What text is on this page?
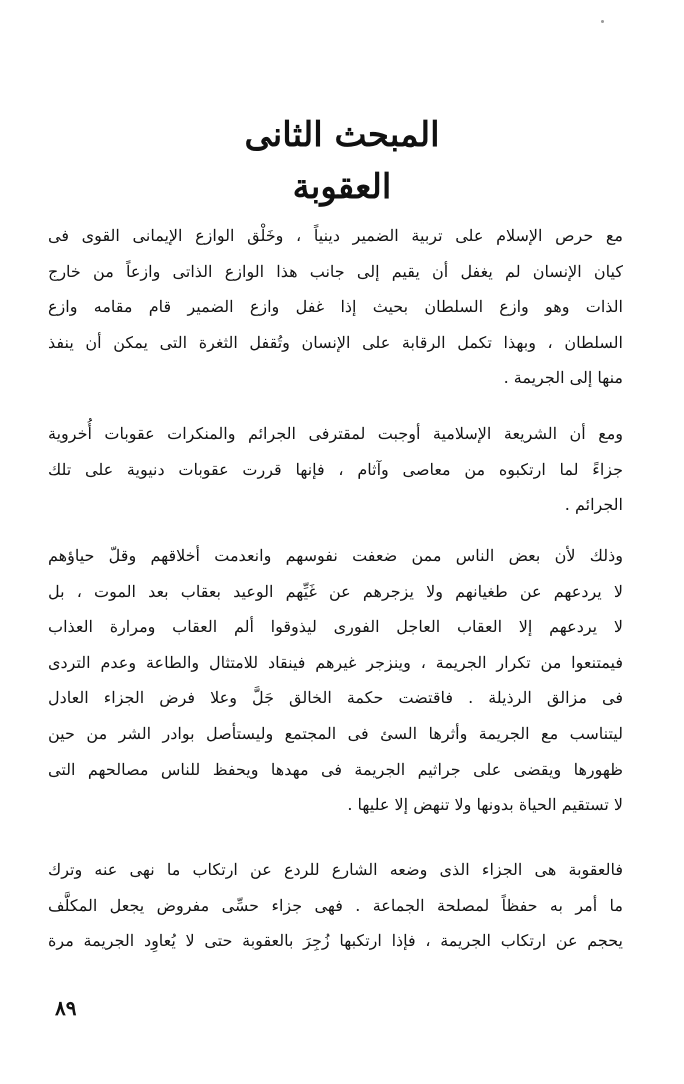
المبحث الثانى
العقوبة

مع حرص الإسلام على تربية الضمير دينياً ، وخَلْق الوازع الإيمانى القوى فى
كيان الإنسان لم يغفل أن يقيم إلى جانب هذا الوازع الذاتى وازعاً من خارج
الذات وهو وازع السلطان بحيث إذا غفل وازع الضمير قام مقامه وازع
السلطان ، وبهذا تكمل الرقابة على الإنسان وتُقفل الثغرة التى يمكن أن ينفذ
منها إلى الجريمة .

ومع أن الشريعة الإسلامية أوجبت لمقترفى الجرائم والمنكرات عقوبات أُخروية
جزاءً لما ارتكبوه من معاصى وآثام ، فإنها قررت عقوبات دنيوية على تلك
الجرائم .

وذلك لأن بعض الناس ممن ضعفت نفوسهم وانعدمت أخلاقهم وقلّ حياؤهم
لا يردعهم عن طغيانهم ولا يزجرهم عن غَيِّهم الوعيد بعقاب بعد الموت ، بل
لا يردعهم إلا العقاب العاجل الفورى ليذوقوا ألم العقاب ومرارة العذاب
فيمتنعوا من تكرار الجريمة ، وينزجر غيرهم فينقاد للامتثال والطاعة وعدم التردى
فى مزالق الرذيلة . فاقتضت حكمة الخالق جَلَّ وعلا فرض الجزاء العادل
ليتناسب مع الجريمة وأثرها السئ فى المجتمع وليستأصل بوادر الشر من حين
ظهورها ويقضى على جراثيم الجريمة فى مهدها ويحفظ للناس مصالحهم التى
لا تستقيم الحياة بدونها ولا تنهض إلا عليها .

فالعقوبة هى الجزاء الذى وضعه الشارع للردع عن ارتكاب ما نهى عنه وترك
ما أمر به حفظاً لمصلحة الجماعة . فهى جزاء حسِّى مفروض يجعل المكلَّف
يحجم عن ارتكاب الجريمة ، فإذا ارتكبها زُجِرَ بالعقوبة حتى لا يُعاوِد الجريمة مرة

٨٩
